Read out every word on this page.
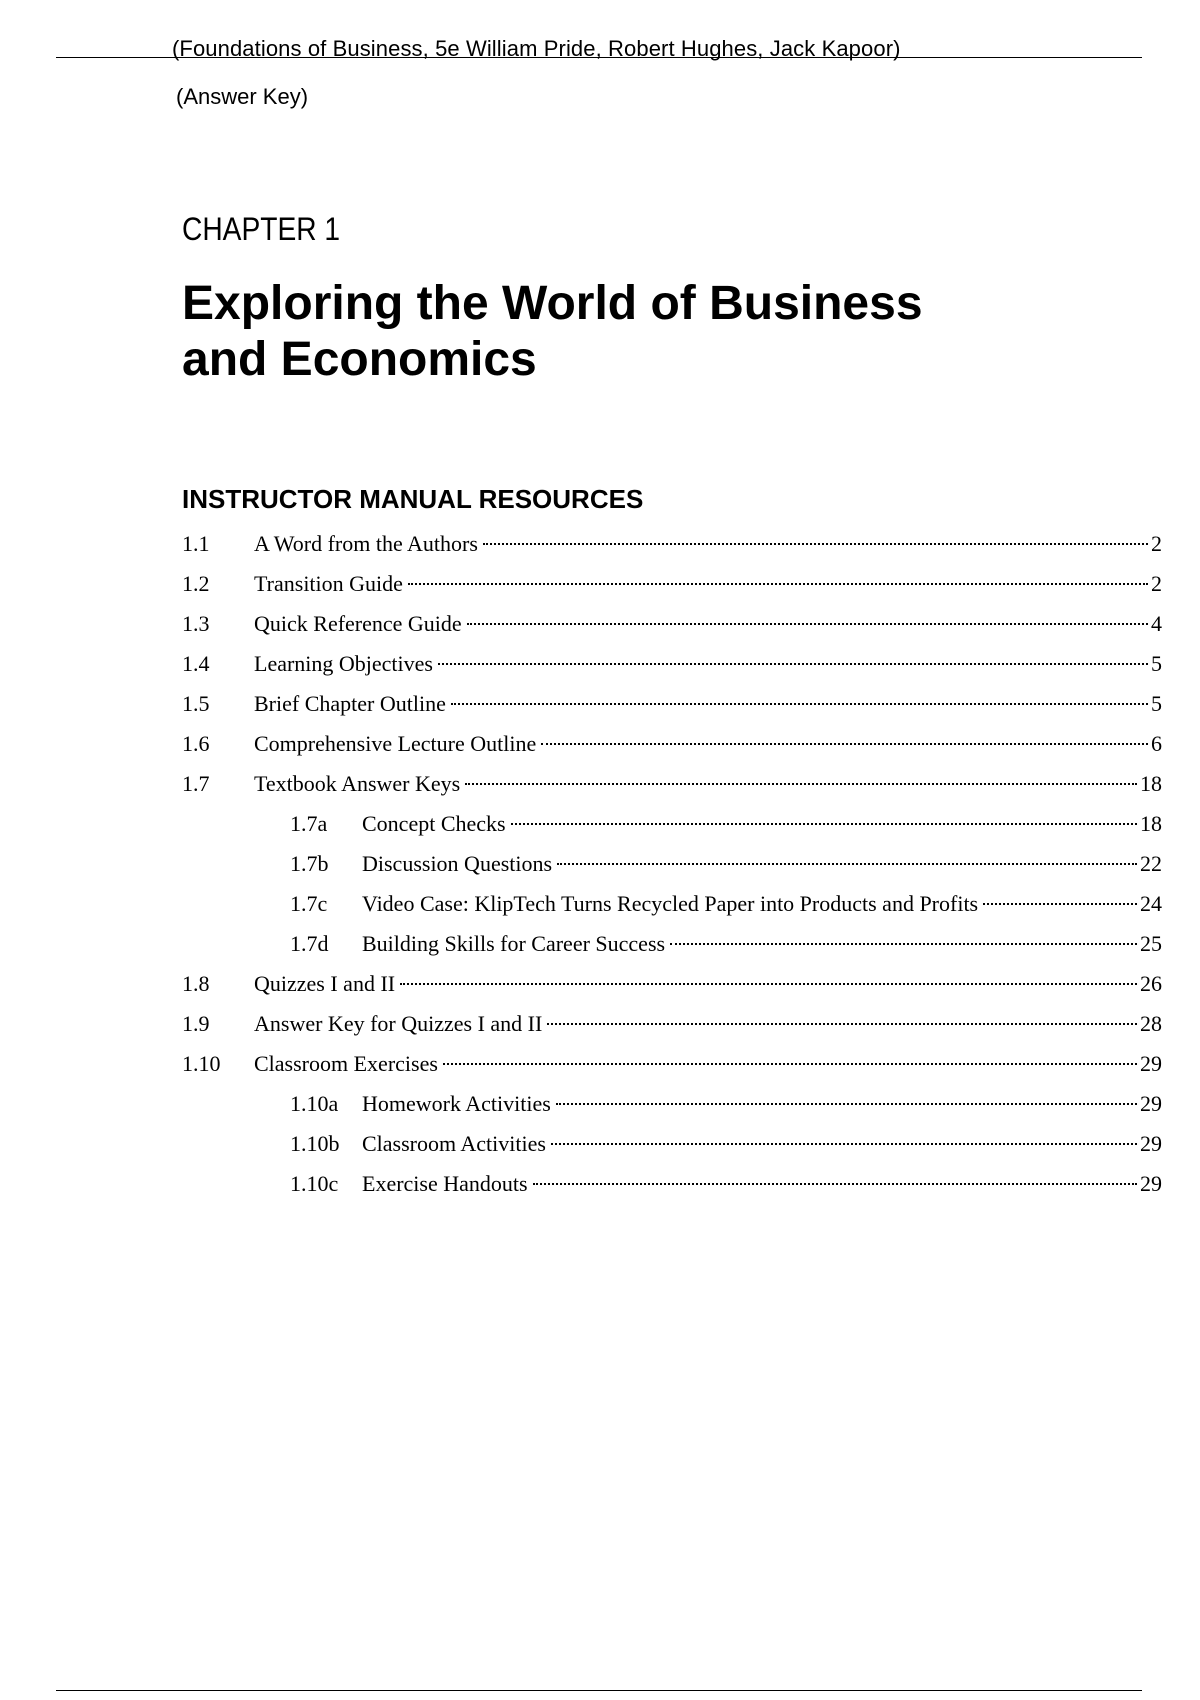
(Foundations of Business, 5e William Pride, Robert Hughes, Jack Kapoor)
(Answer Key)
CHAPTER 1
Exploring the World of Business
and Economics
INSTRUCTOR MANUAL RESOURCES
1.1	A Word from the Authors	2
1.2	Transition Guide	2
1.3	Quick Reference Guide	4
1.4	Learning Objectives	5
1.5	Brief Chapter Outline	5
1.6	Comprehensive Lecture Outline	6
1.7	Textbook Answer Keys	18
1.7a	Concept Checks	18
1.7b	Discussion Questions	22
1.7c	Video Case: KlipTech Turns Recycled Paper into Products and Profits	24
1.7d	Building Skills for Career Success	25
1.8	Quizzes I and II	26
1.9	Answer Key for Quizzes I and II	28
1.10	Classroom Exercises	29
1.10a	Homework Activities	29
1.10b	Classroom Activities	29
1.10c	Exercise Handouts	29
